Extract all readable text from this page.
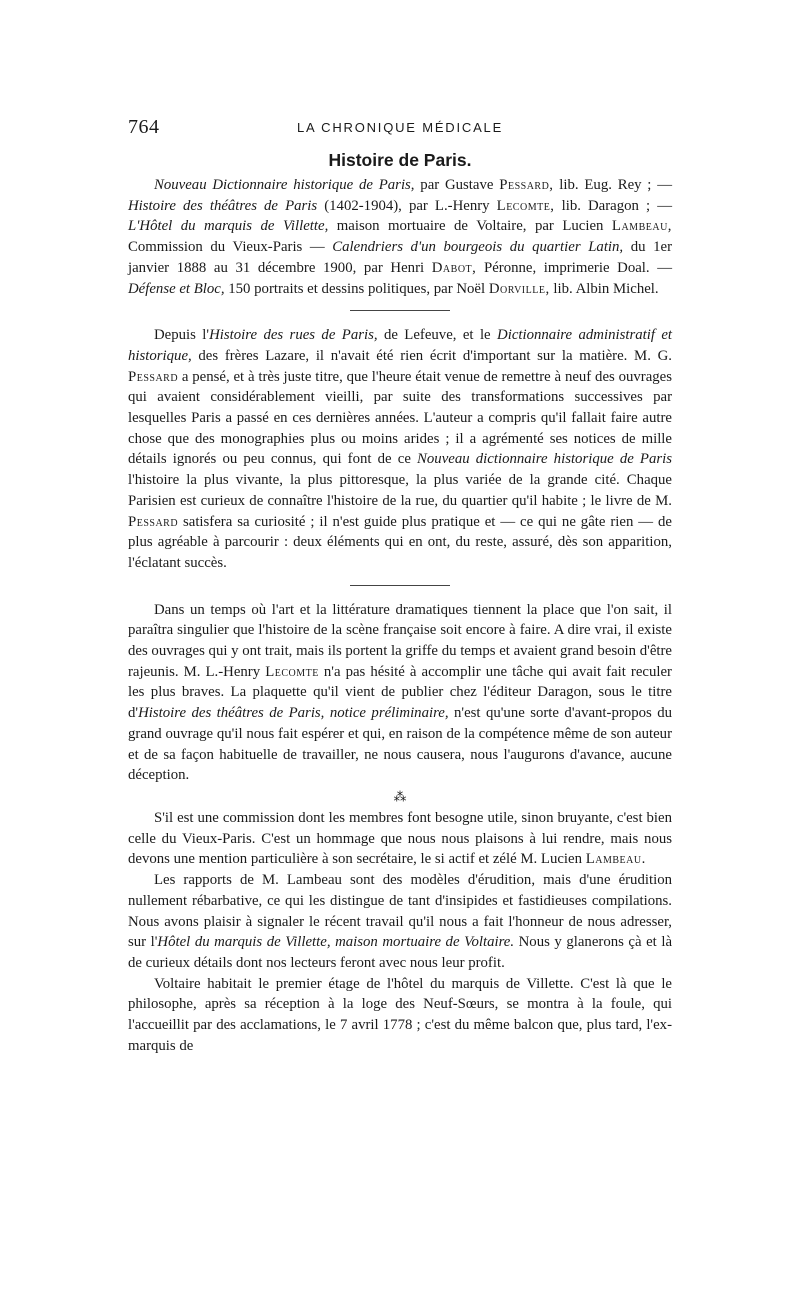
764	LA CHRONIQUE MÉDICALE
Histoire de Paris.

Nouveau Dictionnaire historique de Paris, par Gustave Pessard, lib. Eug. Rey ; — Histoire des théâtres de Paris (1402-1904), par L.-Henry Lecomte, lib. Daragon ; — L'Hôtel du marquis de Villette, maison mortuaire de Voltaire, par Lucien Lambeau, Commission du Vieux-Paris — Calendriers d'un bourgeois du quartier Latin, du 1er janvier 1888 au 31 décembre 1900, par Henri Dabot, Péronne, imprimerie Doal. — Défense et Bloc, 150 portraits et dessins politiques, par Noël Dorville, lib. Albin Michel.

Depuis l'Histoire des rues de Paris, de Lefeuve, et le Dictionnaire administratif et historique, des frères Lazare, il n'avait été rien écrit d'important sur la matière. M. G. Pessard a pensé, et à très juste titre, que l'heure était venue de remettre à neuf des ouvrages qui avaient considérablement vieilli, par suite des transformations successives par lesquelles Paris a passé en ces dernières années. L'auteur a compris qu'il fallait faire autre chose que des monographies plus ou moins arides ; il a agrémenté ses notices de mille détails ignorés ou peu connus, qui font de ce Nouveau dictionnaire historique de Paris l'histoire la plus vivante, la plus pittoresque, la plus variée de la grande cité. Chaque Parisien est curieux de connaître l'histoire de la rue, du quartier qu'il habite ; le livre de M. Pessard satisfera sa curiosité ; il n'est guide plus pratique et — ce qui ne gâte rien — de plus agréable à parcourir : deux éléments qui en ont, du reste, assuré, dès son apparition, l'éclatant succès.

Dans un temps où l'art et la littérature dramatiques tiennent la place que l'on sait, il paraîtra singulier que l'histoire de la scène française soit encore à faire. A dire vrai, il existe des ouvrages qui y ont trait, mais ils portent la griffe du temps et avaient grand besoin d'être rajeunis. M. L.-Henry Lecomte n'a pas hésité à accomplir une tâche qui avait fait reculer les plus braves. La plaquette qu'il vient de publier chez l'éditeur Daragon, sous le titre d'Histoire des théâtres de Paris, notice préliminaire, n'est qu'une sorte d'avant-propos du grand ouvrage qu'il nous fait espérer et qui, en raison de la compétence même de son auteur et de sa façon habituelle de travailler, ne nous causera, nous l'augurons d'avance, aucune déception.

⁂

S'il est une commission dont les membres font besogne utile, sinon bruyante, c'est bien celle du Vieux-Paris. C'est un hommage que nous nous plaisons à lui rendre, mais nous devons une mention particulière à son secrétaire, le si actif et zélé M. Lucien Lambeau.

Les rapports de M. Lambeau sont des modèles d'érudition, mais d'une érudition nullement rébarbative, ce qui les distingue de tant d'insipides et fastidieuses compilations. Nous avons plaisir à signaler le récent travail qu'il nous a fait l'honneur de nous adresser, sur l'Hôtel du marquis de Villette, maison mortuaire de Voltaire. Nous y glanerons çà et là de curieux détails dont nos lecteurs feront avec nous leur profit.

Voltaire habitait le premier étage de l'hôtel du marquis de Villette. C'est là que le philosophe, après sa réception à la loge des Neuf-Sœurs, se montra à la foule, qui l'accueillit par des acclamations, le 7 avril 1778 ; c'est du même balcon que, plus tard, l'ex-marquis de
